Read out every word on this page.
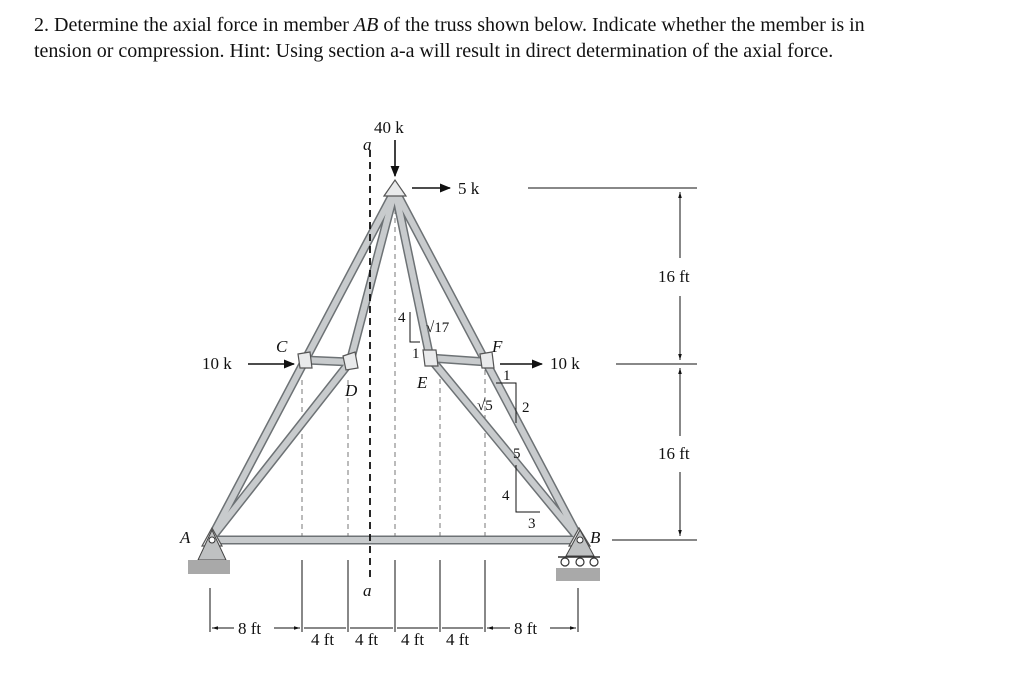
2. Determine the axial force in member AB of the truss shown below. Indicate whether the member is in

tension or compression. Hint: Using section a-a will result in direct determination of the axial force.

a
a
40 k
5 k
10 k	10 k
A	B
C
D	E
F
4
1
√17
1
2
√5
5
4
3
16 ft
16 ft
8 ft
4 ft 4 ft 4 ft 4 ft
8 ft
